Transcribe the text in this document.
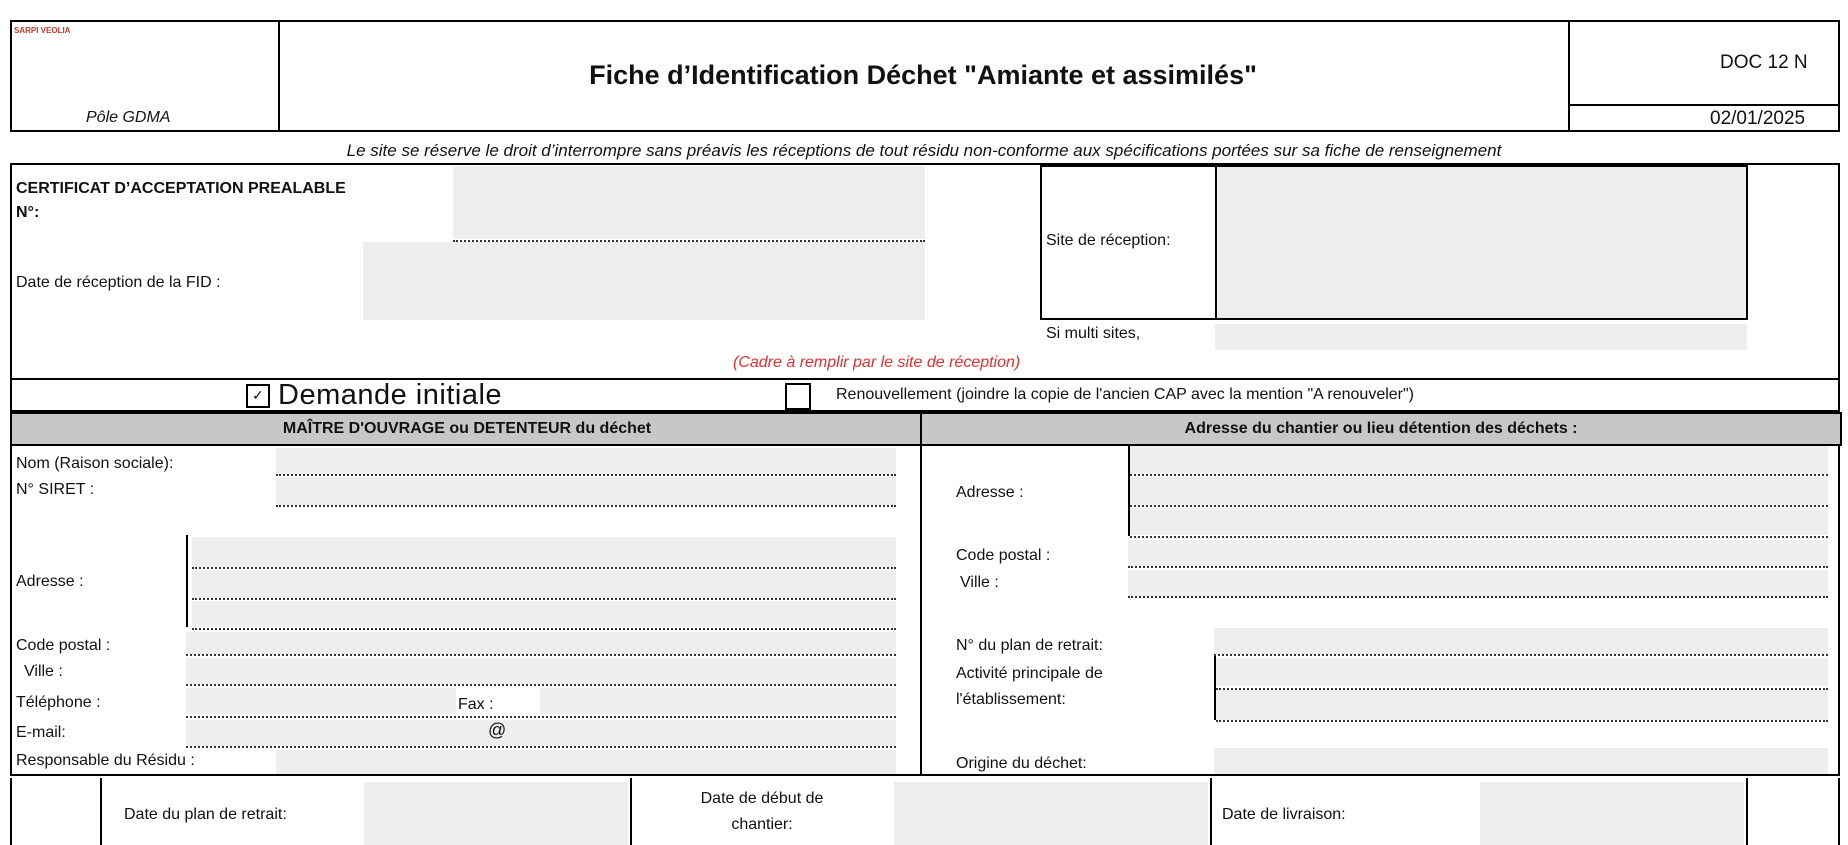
SARPI VEOLIA
Pôle GDMA
Fiche d’Identification Déchet "Amiante et assimilés"	DOC 12 N
02/01/2025
Le site se réserve le droit d’interrompre sans préavis les réceptions de tout résidu non-conforme aux spécifications portées sur sa fiche de renseignement
CERTIFICAT D’ACCEPTATION PREALABLE
N°:
Date de réception de la FID :
Site de réception:
Si multi sites,
(Cadre à remplir par le site de réception)
✓ Demande initiale	Renouvellement (joindre la copie de l'ancien CAP avec la mention "A renouveler")
MAÎTRE D'OUVRAGE ou DETENTEUR du déchet	Adresse du chantier ou lieu détention des déchets :
Nom (Raison sociale):
N° SIRET :
Adresse :
Code postal :
Ville :
Téléphone :	Fax :
E-mail:	@
Responsable du Résidu :
Adresse :
Code postal :
Ville :
N° du plan de retrait:
Activité principale de
l'établissement:
Origine du déchet:
Date du plan de retrait:
Date de début de
chantier:
Date de livraison:
